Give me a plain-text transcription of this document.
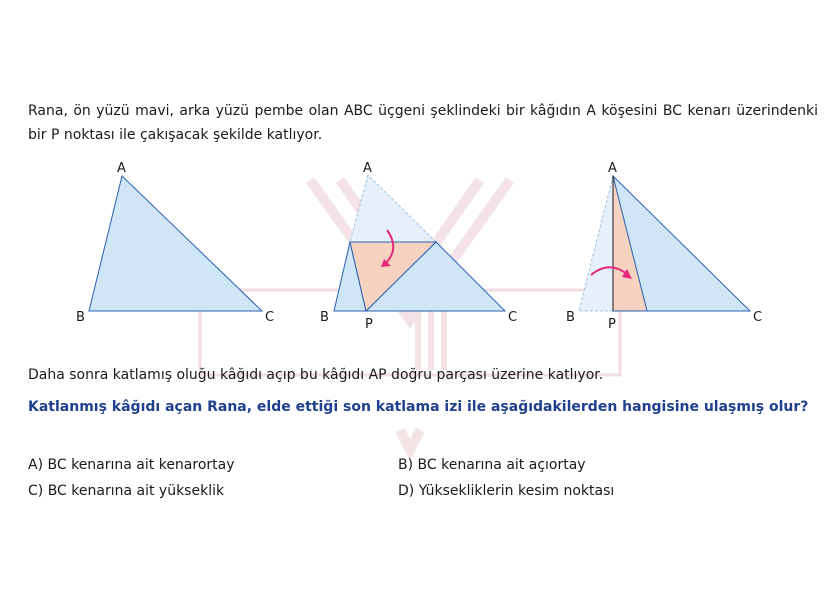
Rana, ön yüzü mavi, arka yüzü pembe olan ABC üçgeni şeklindeki bir kâğıdın A köşesini BC kenarı üzerindenki bir P noktası ile çakışacak şekilde katlıyor.
A
B	C
A
B	C
P
A
B	C
P
Daha sonra katlamış oluğu kâğıdı açıp bu kâğıdı AP doğru parçası üzerine katlıyor.
Katlanmış kâğıdı açan Rana, elde ettiği son katlama izi ile aşağıdakilerden hangisine ulaşmış olur?
A) BC kenarına ait kenarortay	B) BC kenarına ait açıortay
C) BC kenarına ait yükseklik	D) Yüksekliklerin kesim noktası
